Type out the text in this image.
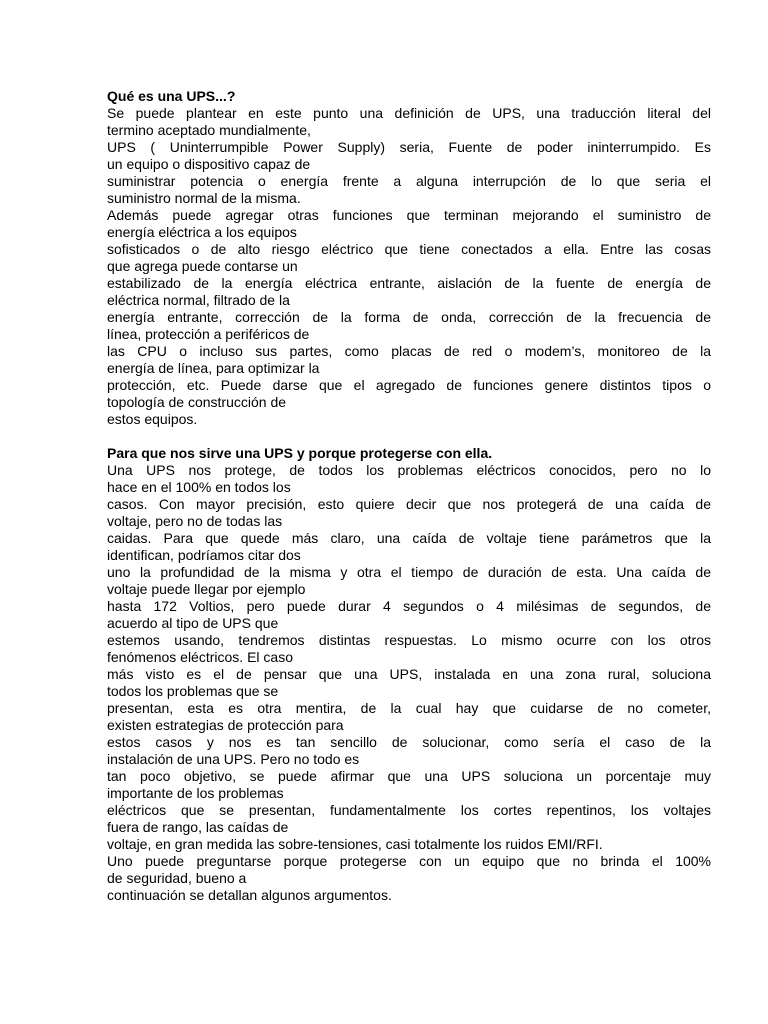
Qué es una UPS...?
Se puede plantear en este punto una definición de UPS, una traducción literal del
termino aceptado mundialmente,
UPS ( Uninterrumpible Power Supply) seria, Fuente de poder ininterrumpido. Es
un equipo o dispositivo capaz de
suministrar potencia o energía frente a alguna interrupción de lo que seria el
suministro normal de la misma.
Además puede agregar otras funciones que terminan mejorando el suministro de
energía eléctrica a los equipos
sofisticados o de alto riesgo eléctrico que tiene conectados a ella. Entre las cosas
que agrega puede contarse un
estabilizado de la energía eléctrica entrante, aislación de la fuente de energía de
eléctrica normal, filtrado de la
energía entrante, corrección de la forma de onda, corrección de la frecuencia de
línea, protección a periféricos de
las CPU o incluso sus partes, como placas de red o modem’s, monitoreo de la
energía de línea, para optimizar la
protección, etc. Puede darse que el agregado de funciones genere distintos tipos o
topología de construcción de
estos equipos.
Para que nos sirve una UPS y porque protegerse con ella.
Una UPS nos protege, de todos los problemas eléctricos conocidos, pero no lo
hace en el 100% en todos los
casos. Con mayor precisión, esto quiere decir que nos protegerá de una caída de
voltaje, pero no de todas las
caidas. Para que quede más claro, una caída de voltaje tiene parámetros que la
identifican, podríamos citar dos
uno la profundidad de la misma y otra el tiempo de duración de esta. Una caída de
voltaje puede llegar por ejemplo
hasta 172 Voltios, pero puede durar 4 segundos o 4 milésimas de segundos, de
acuerdo al tipo de UPS que
estemos usando, tendremos distintas respuestas. Lo mismo ocurre con los otros
fenómenos eléctricos. El caso
más visto es el de pensar que una UPS, instalada en una zona rural, soluciona
todos los problemas que se
presentan, esta es otra mentira, de la cual hay que cuidarse de no cometer,
existen estrategias de protección para
estos casos y nos es tan sencillo de solucionar, como sería el caso de la
instalación de una UPS. Pero no todo es
tan poco objetivo, se puede afirmar que una UPS soluciona un porcentaje muy
importante de los problemas
eléctricos que se presentan, fundamentalmente los cortes repentinos, los voltajes
fuera de rango, las caídas de
voltaje, en gran medida las sobre-tensiones, casi totalmente los ruidos EMI/RFI.
Uno puede preguntarse porque protegerse con un equipo que no brinda el 100%
de seguridad, bueno a
continuación se detallan algunos argumentos.
